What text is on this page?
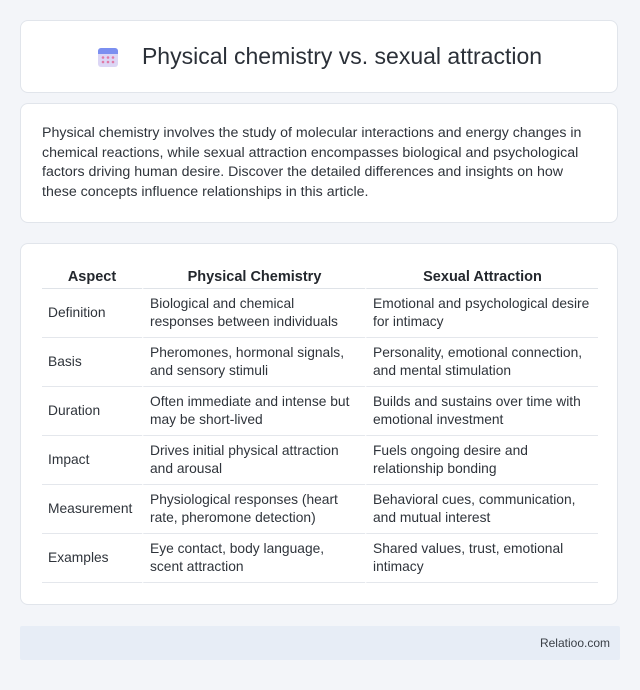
Physical chemistry vs. sexual attraction

Physical chemistry involves the study of molecular interactions and energy changes in chemical reactions, while sexual attraction encompasses biological and psychological factors driving human desire. Discover the detailed differences and insights on how these concepts influence relationships in this article.

Aspect	Physical Chemistry	Sexual Attraction
Definition	Biological and chemical responses between individuals	Emotional and psychological desire for intimacy
Basis	Pheromones, hormonal signals, and sensory stimuli	Personality, emotional connection, and mental stimulation
Duration	Often immediate and intense but may be short-lived	Builds and sustains over time with emotional investment
Impact	Drives initial physical attraction and arousal	Fuels ongoing desire and relationship bonding
Measurement	Physiological responses (heart rate, pheromone detection)	Behavioral cues, communication, and mutual interest
Examples	Eye contact, body language, scent attraction	Shared values, trust, emotional intimacy
Relatioo.com
